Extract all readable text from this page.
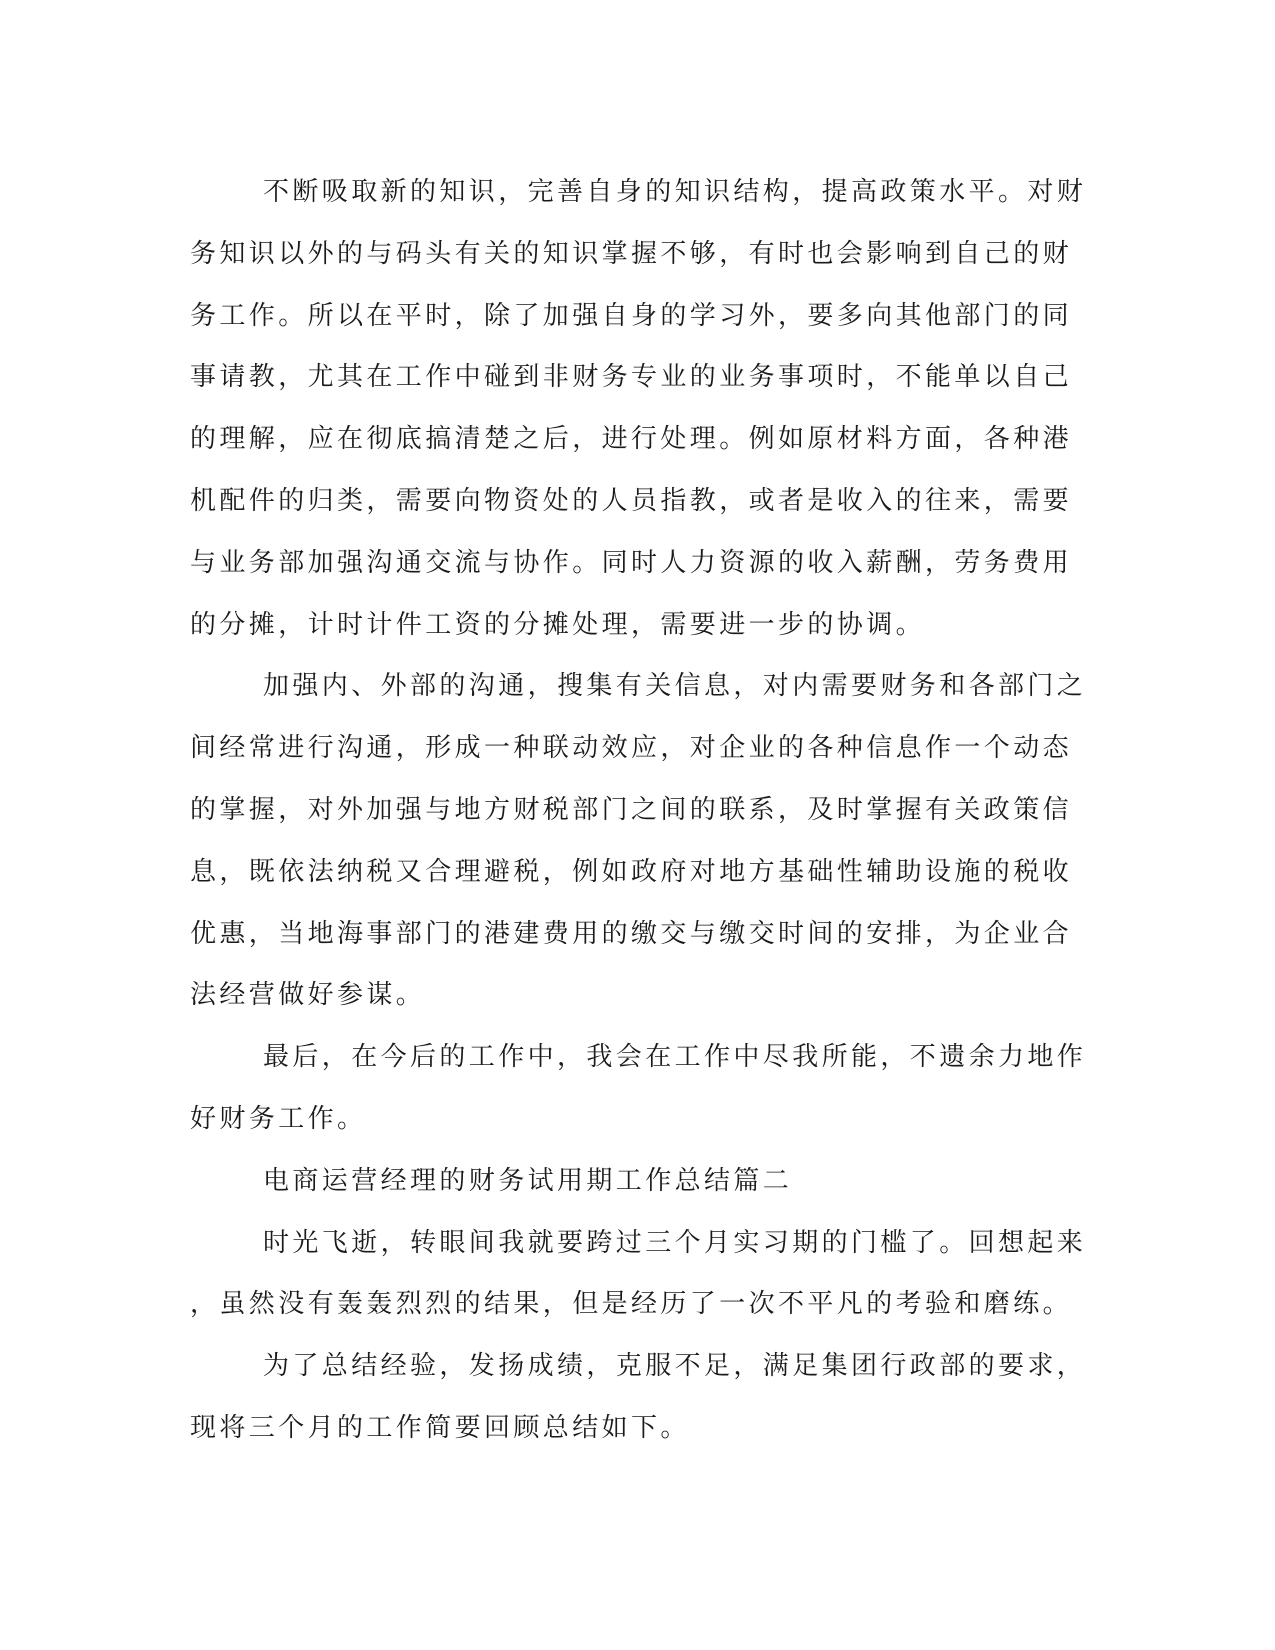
不断吸取新的知识，完善自身的知识结构，提高政策水平。对财
务知识以外的与码头有关的知识掌握不够，有时也会影响到自己的财
务工作。所以在平时，除了加强自身的学习外，要多向其他部门的同
事请教，尤其在工作中碰到非财务专业的业务事项时，不能单以自己
的理解，应在彻底搞清楚之后，进行处理。例如原材料方面，各种港
机配件的归类，需要向物资处的人员指教，或者是收入的往来，需要
与业务部加强沟通交流与协作。同时人力资源的收入薪酬，劳务费用
的分摊，计时计件工资的分摊处理，需要进一步的协调。
加强内、外部的沟通，搜集有关信息，对内需要财务和各部门之
间经常进行沟通，形成一种联动效应，对企业的各种信息作一个动态
的掌握，对外加强与地方财税部门之间的联系，及时掌握有关政策信
息，既依法纳税又合理避税，例如政府对地方基础性辅助设施的税收
优惠，当地海事部门的港建费用的缴交与缴交时间的安排，为企业合
法经营做好参谋。
最后，在今后的工作中，我会在工作中尽我所能，不遗余力地作
好财务工作。
电商运营经理的财务试用期工作总结篇二
时光飞逝，转眼间我就要跨过三个月实习期的门槛了。回想起来
，虽然没有轰轰烈烈的结果，但是经历了一次不平凡的考验和磨练。
为了总结经验，发扬成绩，克服不足，满足集团行政部的要求，
现将三个月的工作简要回顾总结如下。
